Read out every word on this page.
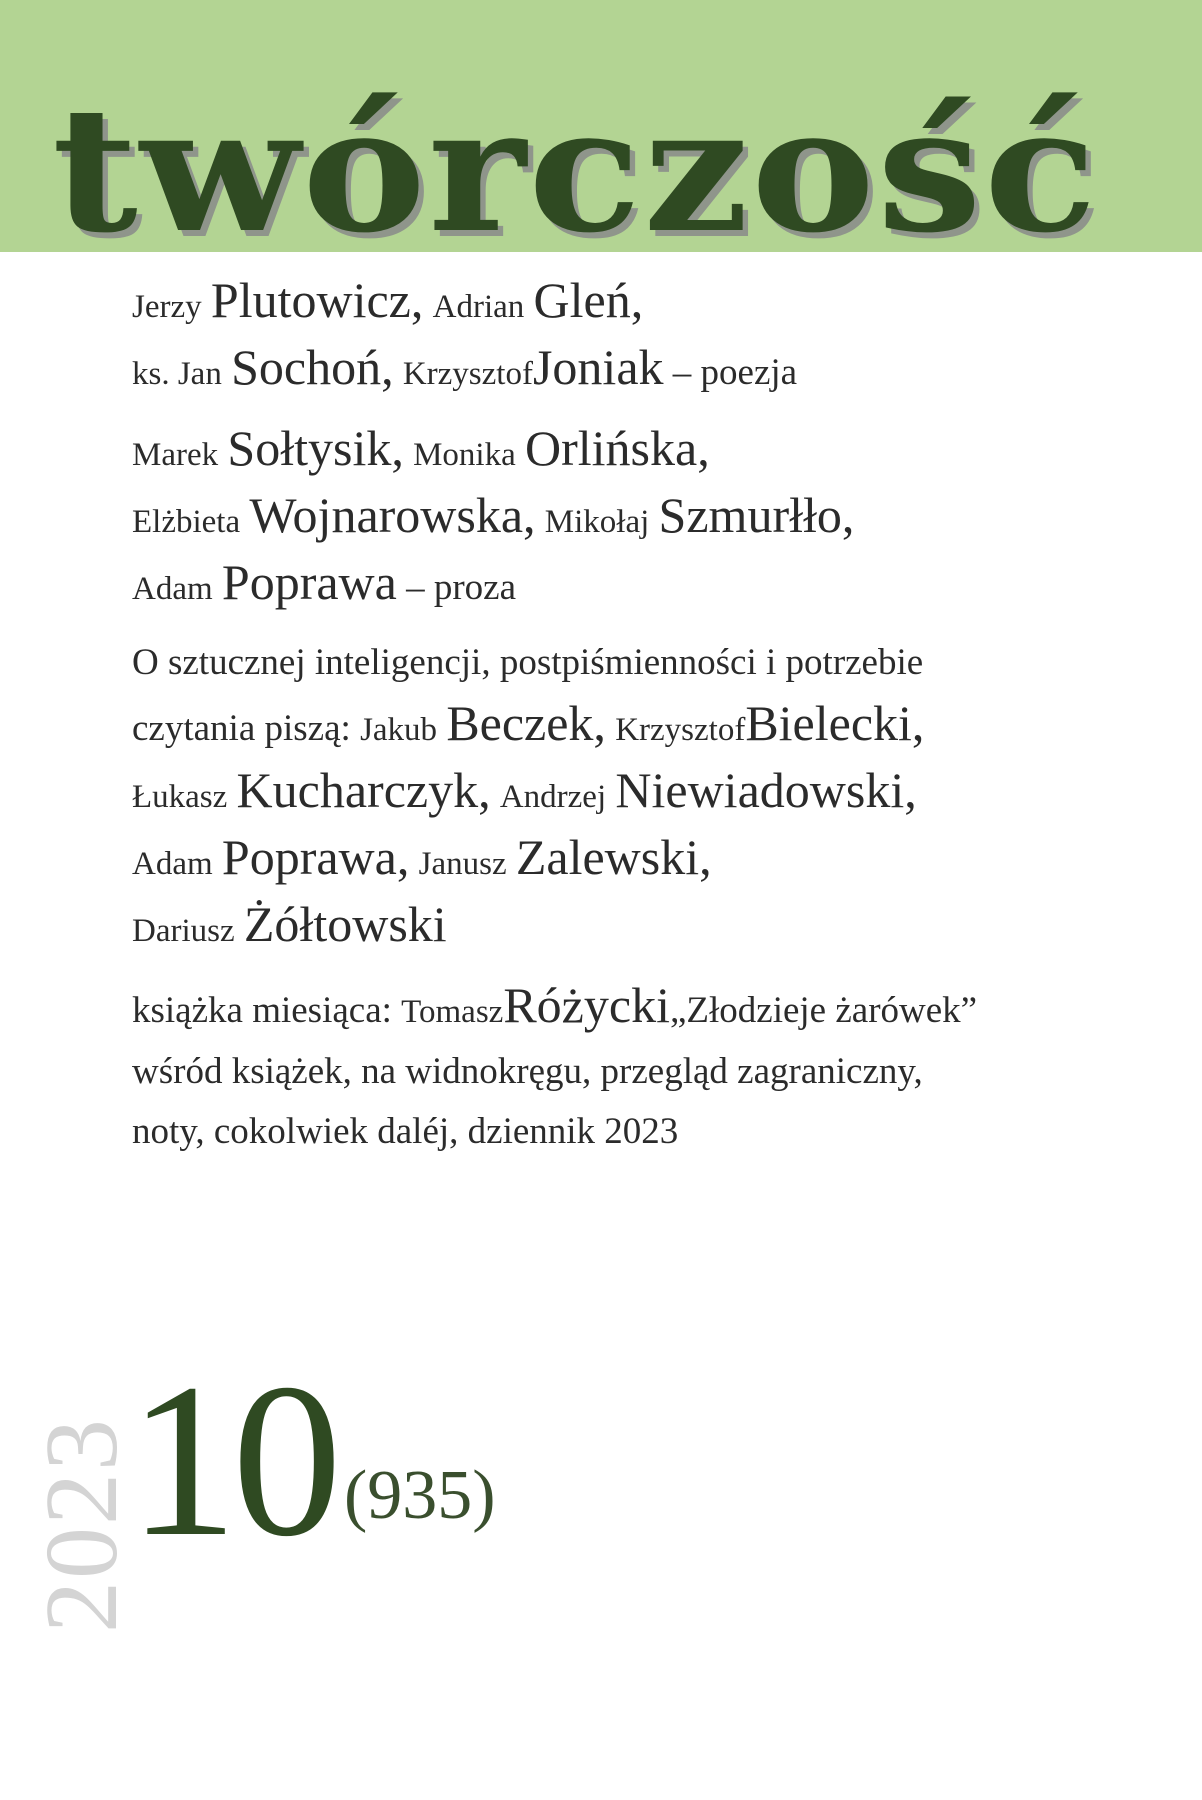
twórczość
Jerzy Plutowicz, Adrian Gleń,
ks. Jan Sochoń, KrzysztofJoniak – poezja
Marek Sołtysik, Monika Orlińska,
Elżbieta Wojnarowska, Mikołaj Szmurłło,
Adam Poprawa – proza
O sztucznej inteligencji, postpiśmienności i potrzebie
czytania piszą: Jakub Beczek, KrzysztofBielecki,
Łukasz Kucharczyk, Andrzej Niewiadowski,
Adam Poprawa, Janusz Zalewski,
Dariusz Żółtowski
książka miesiąca: TomaszRóżycki„Złodzieje żarówek”
wśród książek, na widnokręgu, przegląd zagraniczny,
noty, cokolwiek daléj, dziennik 2023
2023
10 (935)
